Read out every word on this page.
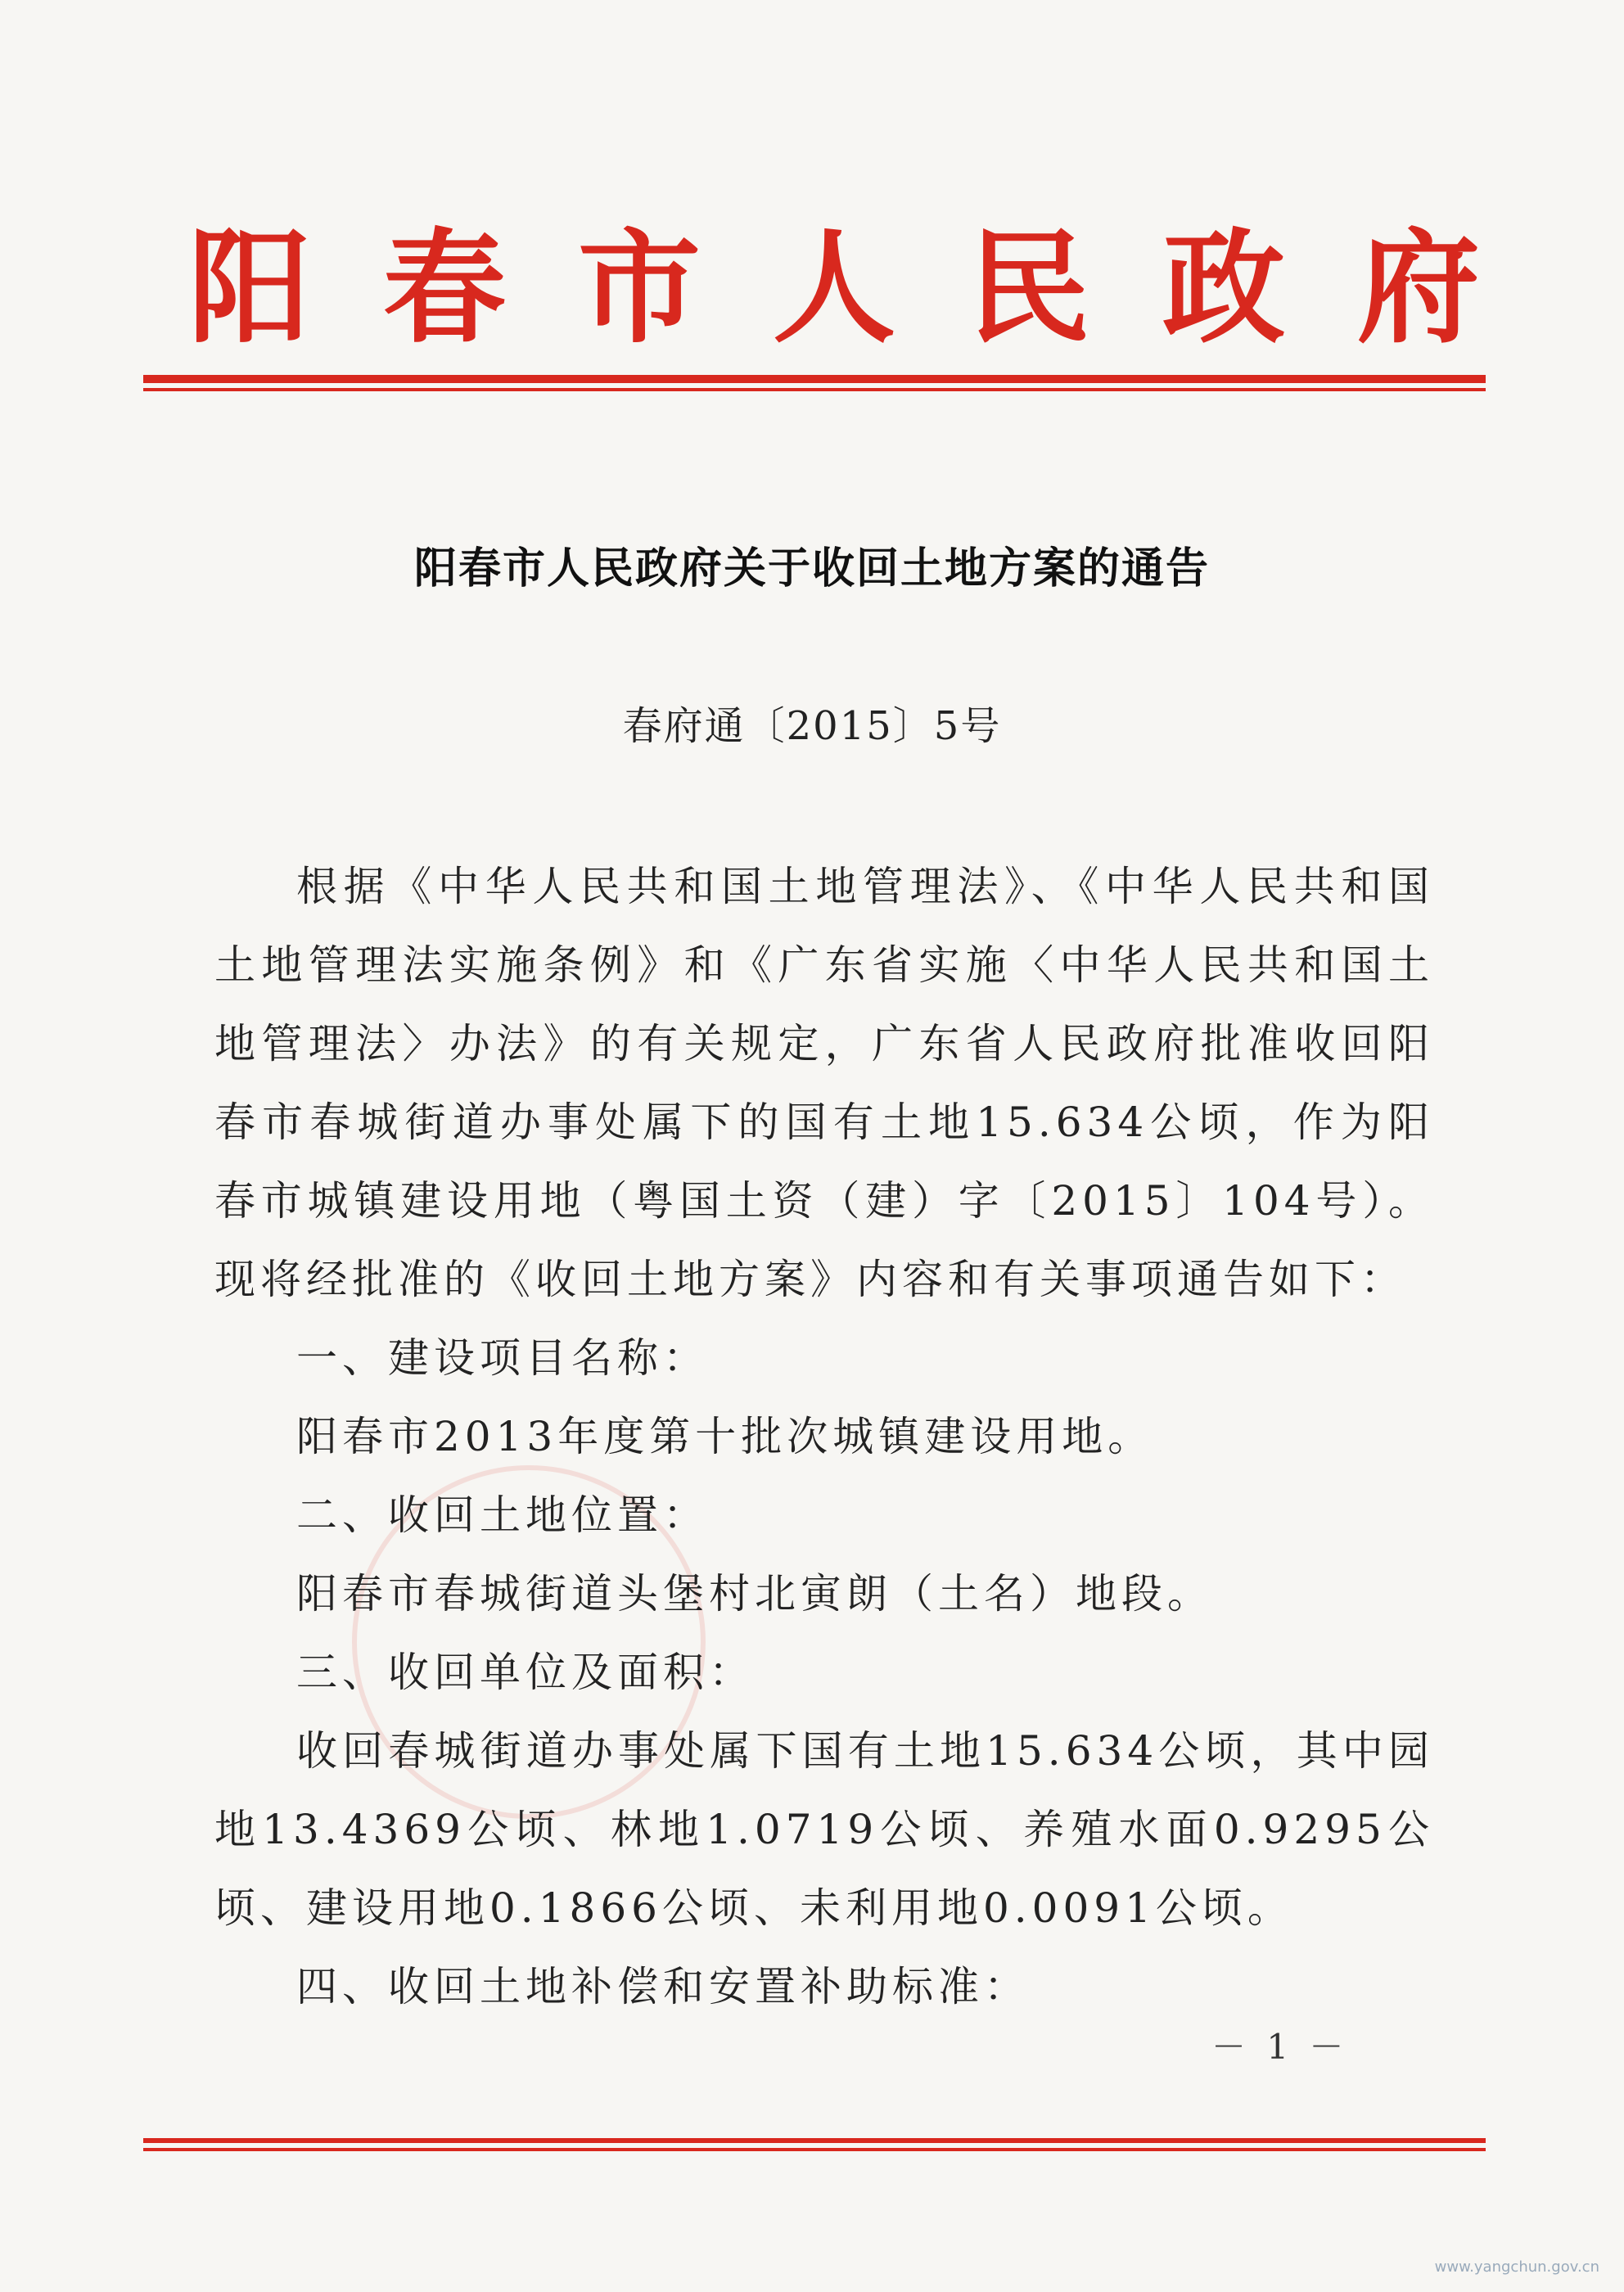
阳春市人民政府
阳春市人民政府关于收回土地方案的通告
春府通〔2015〕5号

根据《中华人民共和国土地管理法》、《中华人民共和国土地管理法实施条例》和《广东省实施〈中华人民共和国土地管理法〉办法》的有关规定，广东省人民政府批准收回阳春市春城街道办事处属下的国有土地15.634公顷，作为阳春市城镇建设用地（粤国土资（建）字〔2015〕104号）。现将经批准的《收回土地方案》内容和有关事项通告如下：

一、建设项目名称：

阳春市2013年度第十批次城镇建设用地。

二、收回土地位置：

阳春市春城街道头堡村北寅朗（土名）地段。

三、收回单位及面积：

收回春城街道办事处属下国有土地15.634公顷，其中园地13.4369公顷、林地1.0719公顷、养殖水面0.9295公顷、建设用地0.1866公顷、未利用地0.0091公顷。

四、收回土地补偿和安置补助标准：

－ 1 －
www.yangchun.gov.cn
